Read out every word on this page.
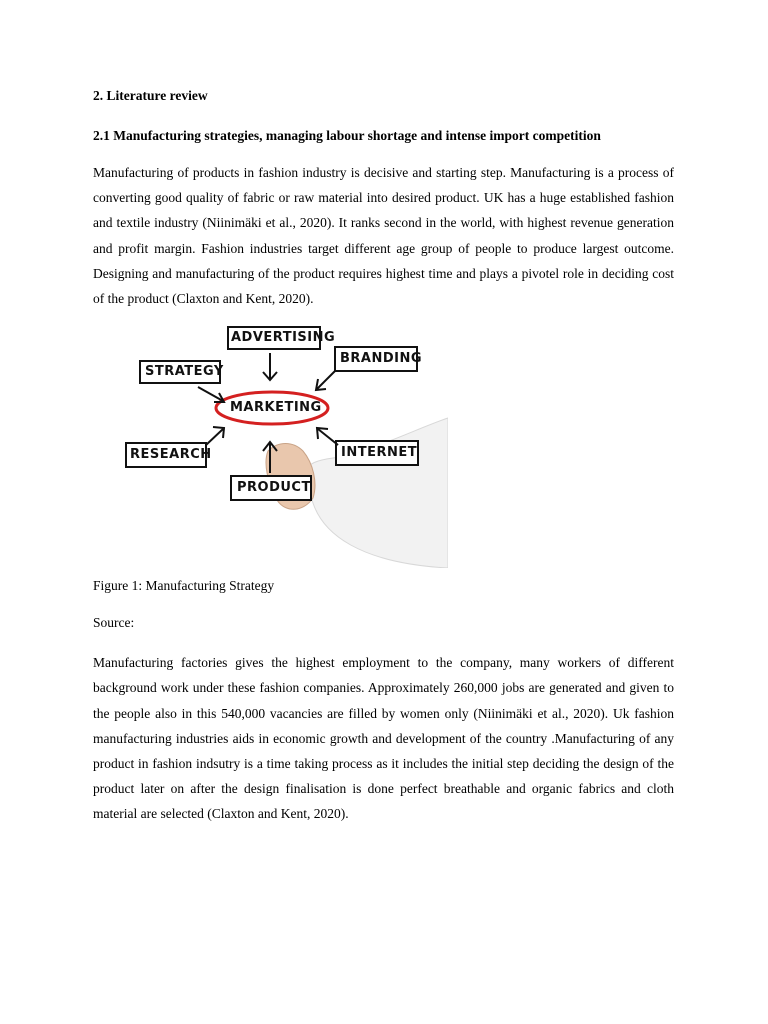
2. Literature review
2.1 Manufacturing strategies, managing labour shortage and intense import competition

Manufacturing of products in fashion industry is decisive and starting step. Manufacturing is a process of converting good quality of fabric or raw material into desired product. UK has a huge established fashion and textile industry (Niinimäki et al., 2020). It ranks second in the world, with highest revenue generation and profit margin. Fashion industries target different age group of people to produce largest outcome. Designing and manufacturing of the product requires highest time and plays a pivotel role in deciding cost of the product (Claxton and Kent, 2020).

ADVERTISING
STRATEGY
BRANDING
MARKETING
RESEARCH	INTERNET
PRODUCT
Figure 1: Manufacturing Strategy
Source:

Manufacturing factories gives the highest employment to the company, many workers of different background work under these fashion companies. Approximately 260,000 jobs are generated and given to the people also in this 540,000 vacancies are filled by women only (Niinimäki et al., 2020). Uk fashion manufacturing industries aids in economic growth and development of the country .Manufacturing of any product in fashion indsutry is a time taking process as it includes the initial step deciding the design of the product later on after the design finalisation is done perfect breathable and organic fabrics and cloth material are selected (Claxton and Kent, 2020).
